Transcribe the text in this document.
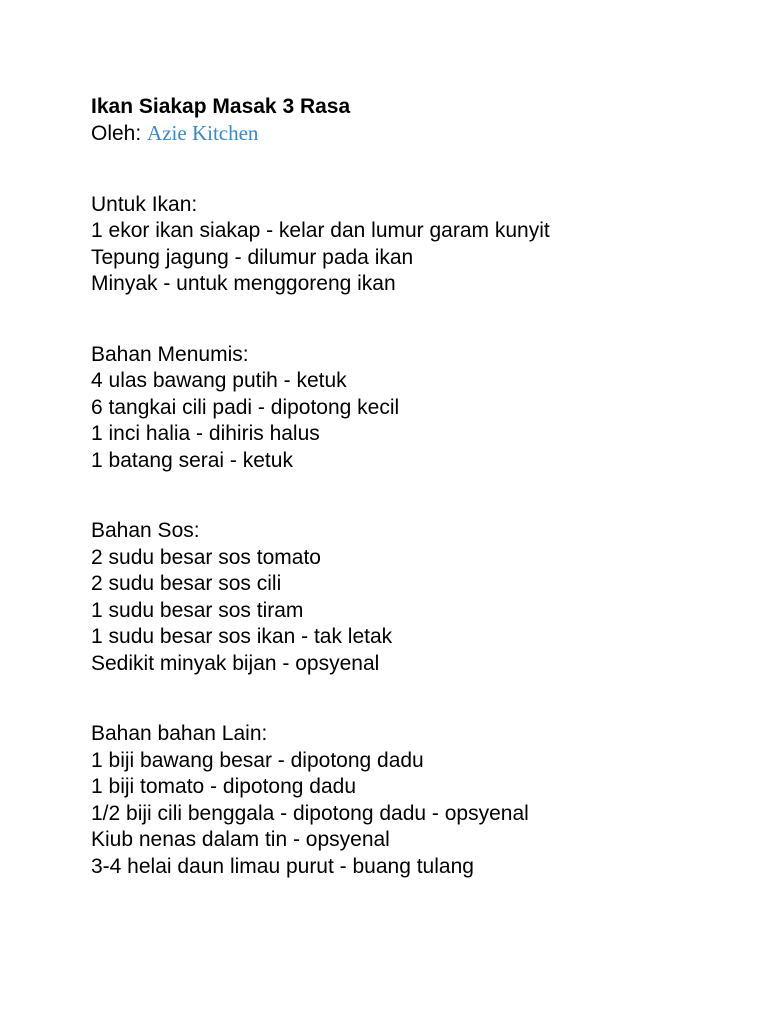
Ikan Siakap Masak 3 Rasa

Oleh: Azie Kitchen

Untuk Ikan:

1 ekor ikan siakap - kelar dan lumur garam kunyit

Tepung jagung - dilumur pada ikan

Minyak - untuk menggoreng ikan

Bahan Menumis:

4 ulas bawang putih - ketuk

6 tangkai cili padi - dipotong kecil

1 inci halia - dihiris halus

1 batang serai - ketuk

Bahan Sos:

2 sudu besar sos tomato

2 sudu besar sos cili

1 sudu besar sos tiram

1 sudu besar sos ikan - tak letak

Sedikit minyak bijan - opsyenal

Bahan bahan Lain:

1 biji bawang besar - dipotong dadu

1 biji tomato - dipotong dadu

1/2 biji cili benggala - dipotong dadu - opsyenal

Kiub nenas dalam tin - opsyenal

3-4 helai daun limau purut - buang tulang
